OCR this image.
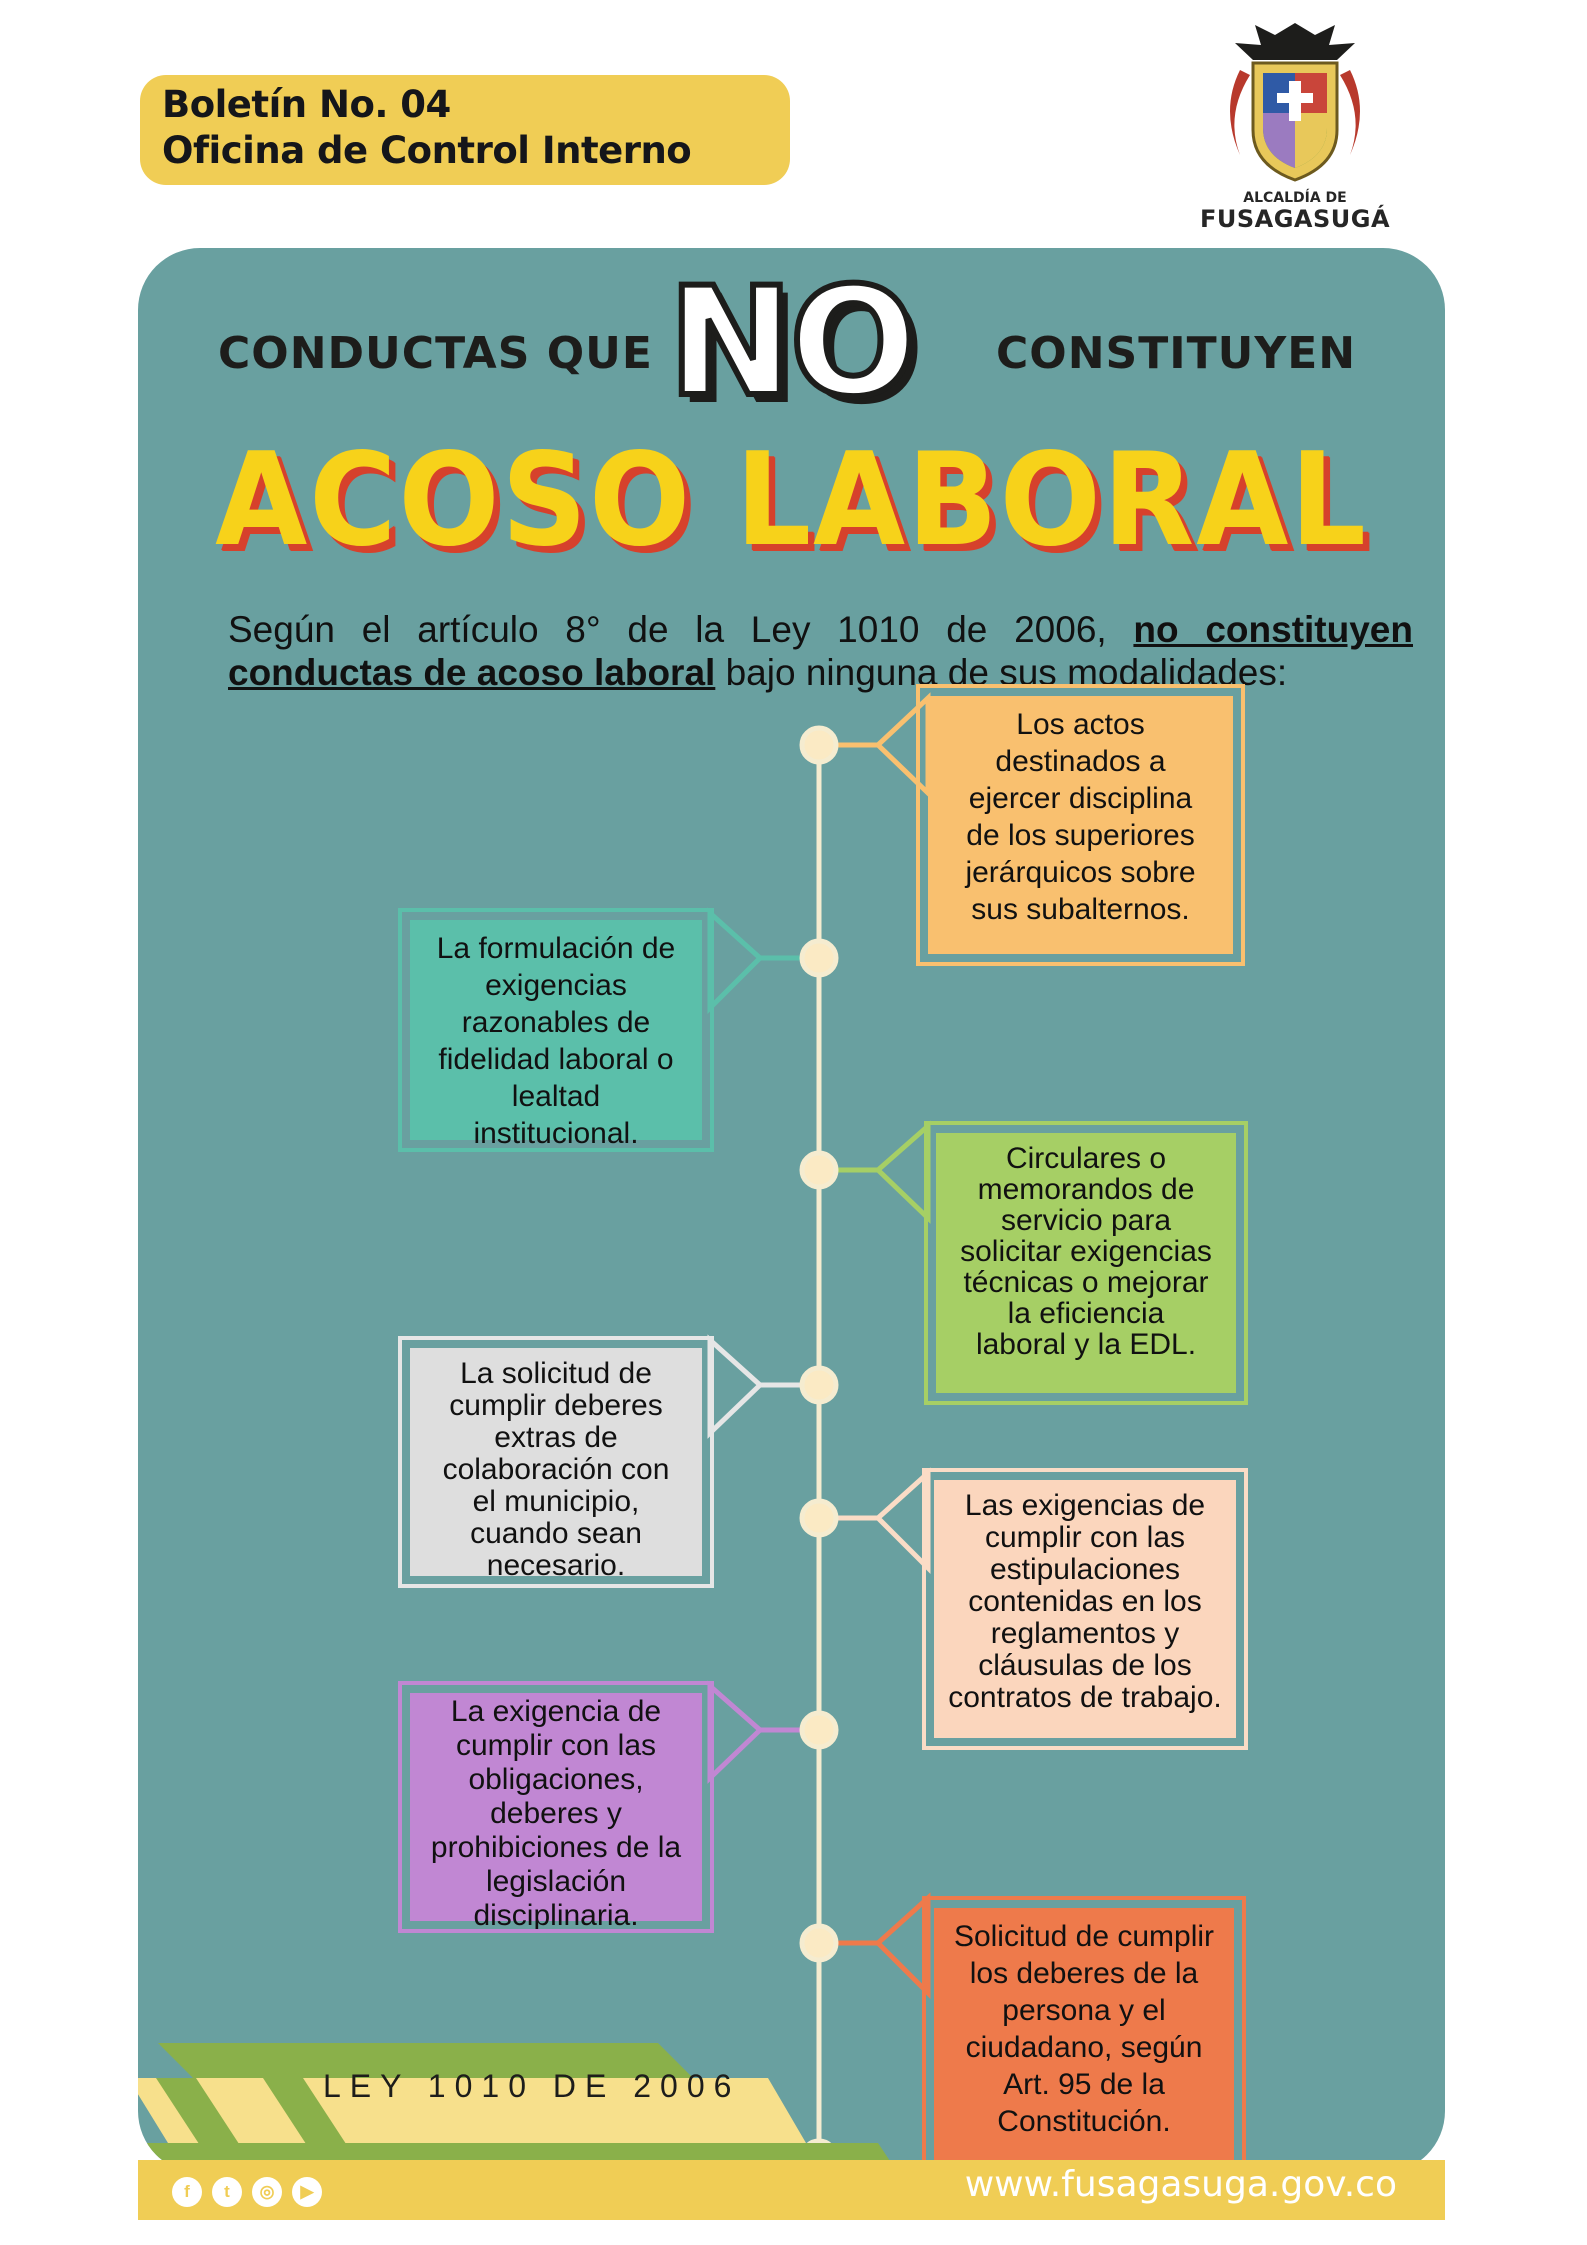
Boletín No. 04
Oficina de Control Interno
ALCALDÍA DE
FUSAGASUGÁ
CONDUCTAS QUE NO CONSTITUYEN
ACOSO LABORAL
Según el artículo 8° de la Ley 1010 de 2006, no constituyen conductas de acoso laboral bajo ninguna de sus modalidades:
Los actos
destinados a
ejercer disciplina
de los superiores
jerárquicos sobre
sus subalternos.
Circulares o
memorandos de
servicio para
solicitar exigencias
técnicas o mejorar
la eficiencia
laboral y la EDL.
Las exigencias de
cumplir con las
estipulaciones
contenidas en los
reglamentos y
cláusulas de los
contratos de trabajo.
Solicitud de cumplir
los deberes de la
persona y el
ciudadano, según
Art. 95 de la
Constitución.
La formulación de
exigencias
razonables de
fidelidad laboral o
lealtad
institucional.
La solicitud de
cumplir deberes
extras de
colaboración con
el municipio,
cuando sean
necesario.
La exigencia de
cumplir con las
obligaciones,
deberes y
prohibiciones de la
legislación
disciplinaria.
LEY 1010 DE 2006
f	t	◎	▶	www.fusagasuga.gov.co
